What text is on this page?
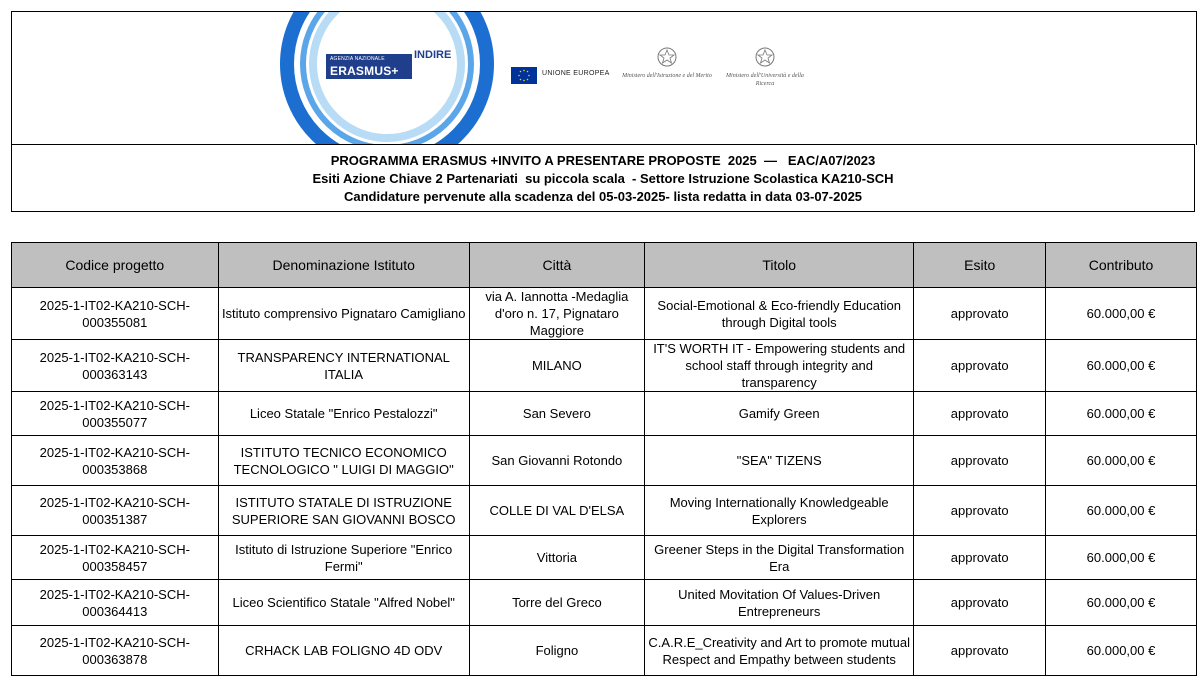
AGENZIA NAZIONALE
ERASMUS+
INDIRE
UNIONE EUROPEA Ministero dell'Istruzione e del Merito	Ministero dell'Università e della Ricerca
PROGRAMMA ERASMUS +INVITO A PRESENTARE PROPOSTE  2025  —   EAC/A07/2023
Esiti Azione Chiave 2 Partenariati  su piccola scala  - Settore Istruzione Scolastica KA210-SCH
Candidature pervenute alla scadenza del 05-03-2025- lista redatta in data 03-07-2025
Codice progetto	Denominazione Istituto	Città	Titolo	Esito	Contributo
2025-1-IT02-KA210-SCH-000355081	Istituto comprensivo Pignataro Camigliano	via A. Iannotta -Medaglia d'oro n. 17, Pignataro Maggiore	Social-Emotional & Eco-friendly Education through Digital tools	approvato	60.000,00 €
2025-1-IT02-KA210-SCH-000363143	TRANSPARENCY INTERNATIONAL ITALIA	MILANO	IT'S WORTH IT - Empowering students and school staff through integrity and transparency	approvato	60.000,00 €
2025-1-IT02-KA210-SCH-000355077	Liceo Statale "Enrico Pestalozzi"	San Severo	Gamify Green	approvato	60.000,00 €
2025-1-IT02-KA210-SCH-000353868	ISTITUTO TECNICO ECONOMICO TECNOLOGICO " LUIGI DI MAGGIO"	San Giovanni Rotondo	"SEA" TIZENS	approvato	60.000,00 €
2025-1-IT02-KA210-SCH-000351387	ISTITUTO STATALE DI ISTRUZIONE SUPERIORE SAN GIOVANNI BOSCO	COLLE DI VAL D'ELSA	Moving Internationally Knowledgeable Explorers	approvato	60.000,00 €
2025-1-IT02-KA210-SCH-000358457	Istituto di Istruzione Superiore "Enrico Fermi"	Vittoria	Greener Steps in the Digital Transformation Era	approvato	60.000,00 €
2025-1-IT02-KA210-SCH-000364413	Liceo Scientifico Statale "Alfred Nobel"	Torre del Greco	United Movitation Of Values-Driven Entrepreneurs	approvato	60.000,00 €
2025-1-IT02-KA210-SCH-000363878	CRHACK LAB FOLIGNO 4D ODV	Foligno	C.A.R.E_Creativity and Art to promote mutual Respect and Empathy between students	approvato	60.000,00 €
